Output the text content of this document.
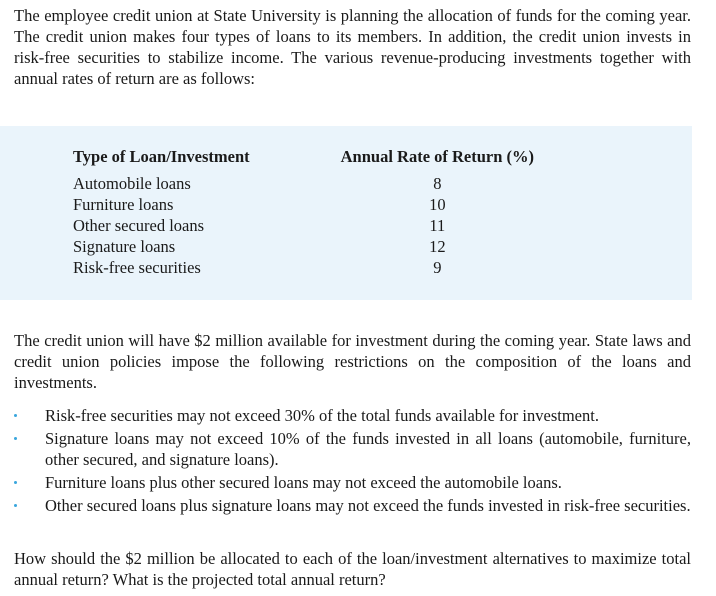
The employee credit union at State University is planning the allocation of funds for the coming year. The credit union makes four types of loans to its members. In addition, the credit union invests in risk-free securities to stabilize income. The various revenue-producing investments together with annual rates of return are as follows:

Type of Loan/Investment	Annual Rate of Return (%)
Automobile loans	8
Furniture loans	10
Other secured loans	11
Signature loans	12
Risk-free securities	9

The credit union will have $2 million available for investment during the coming year. State laws and credit union policies impose the following restrictions on the composition of the loans and investments.

Risk-free securities may not exceed 30% of the total funds available for investment.
Signature loans may not exceed 10% of the funds invested in all loans (automobile, furniture, other secured, and signature loans).
Furniture loans plus other secured loans may not exceed the automobile loans.
Other secured loans plus signature loans may not exceed the funds invested in risk-free securities.

How should the $2 million be allocated to each of the loan/investment alternatives to maximize total annual return? What is the projected total annual return?
